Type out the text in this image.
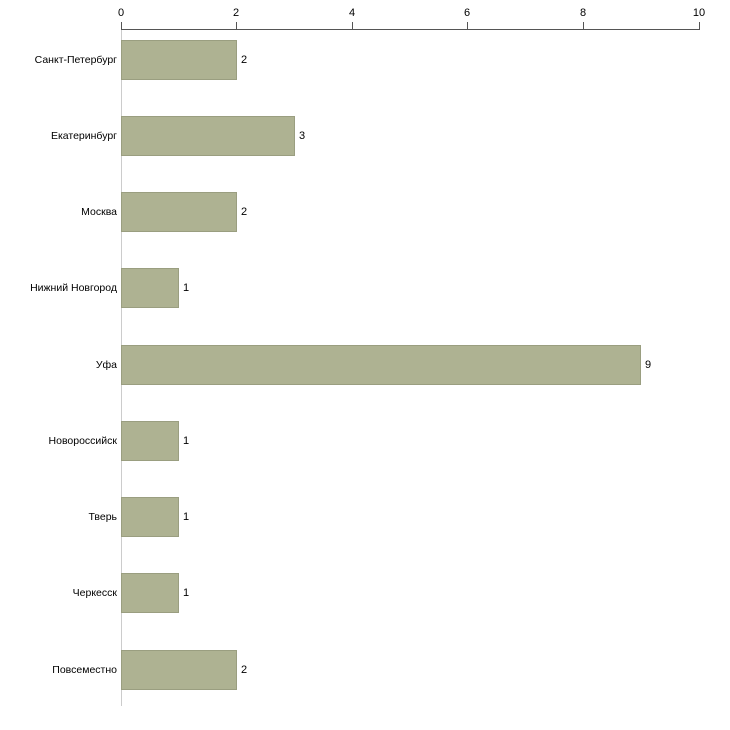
0	2	4	6	8	10
Санкт-Петербург
Екатеринбург
Москва
Нижний Новгород
Уфа
Новороссийск
Тверь
Черкесск
Повсеместно
2
3
2
1
9
1
1
1
2
